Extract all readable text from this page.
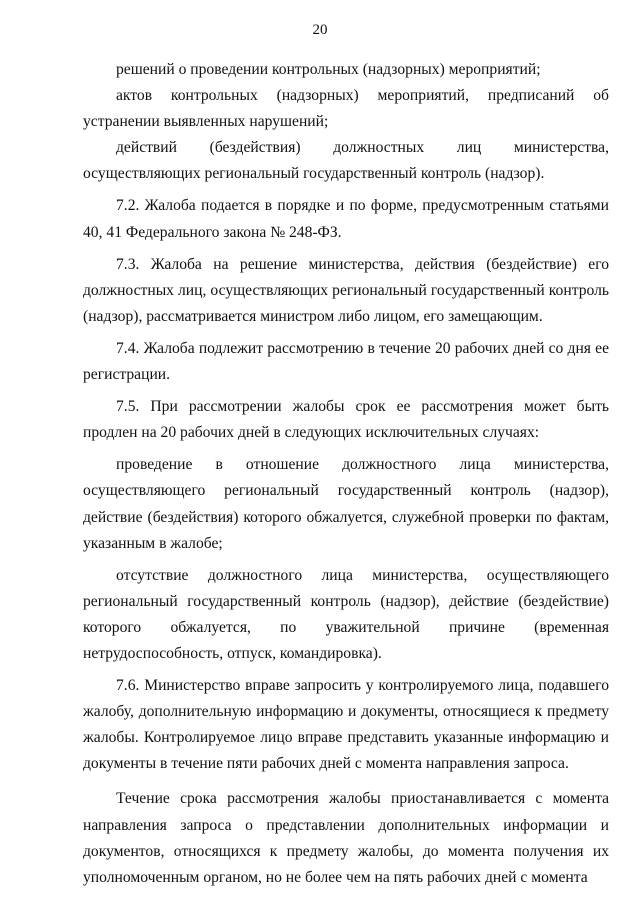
20

решений о проведении контрольных (надзорных) мероприятий;

актов контрольных (надзорных) мероприятий, предписаний об устранении выявленных нарушений;

действий (бездействия) должностных лиц министерства, осуществляющих региональный государственный контроль (надзор).

7.2. Жалоба подается в порядке и по форме, предусмотренным статьями 40, 41 Федерального закона № 248-ФЗ.

7.3. Жалоба на решение министерства, действия (бездействие) его должностных лиц, осуществляющих региональный государственный контроль (надзор), рассматривается министром либо лицом, его замещающим.

7.4. Жалоба подлежит рассмотрению в течение 20 рабочих дней со дня ее регистрации.

7.5. При рассмотрении жалобы срок ее рассмотрения может быть продлен на 20 рабочих дней в следующих исключительных случаях:

проведение в отношение должностного лица министерства, осуществляющего региональный государственный контроль (надзор), действие (бездействия) которого обжалуется, служебной проверки по фактам, указанным в жалобе;

отсутствие должностного лица министерства, осуществляющего региональный государственный контроль (надзор), действие (бездействие) которого обжалуется, по уважительной причине (временная нетрудоспособность, отпуск, командировка).

7.6. Министерство вправе запросить у контролируемого лица, подавшего жалобу, дополнительную информацию и документы, относящиеся к предмету жалобы. Контролируемое лицо вправе представить указанные информацию и документы в течение пяти рабочих дней с момента направления запроса.

Течение срока рассмотрения жалобы приостанавливается с момента направления запроса о представлении дополнительных информации и документов, относящихся к предмету жалобы, до момента получения их уполномоченным органом, но не более чем на пять рабочих дней с момента
